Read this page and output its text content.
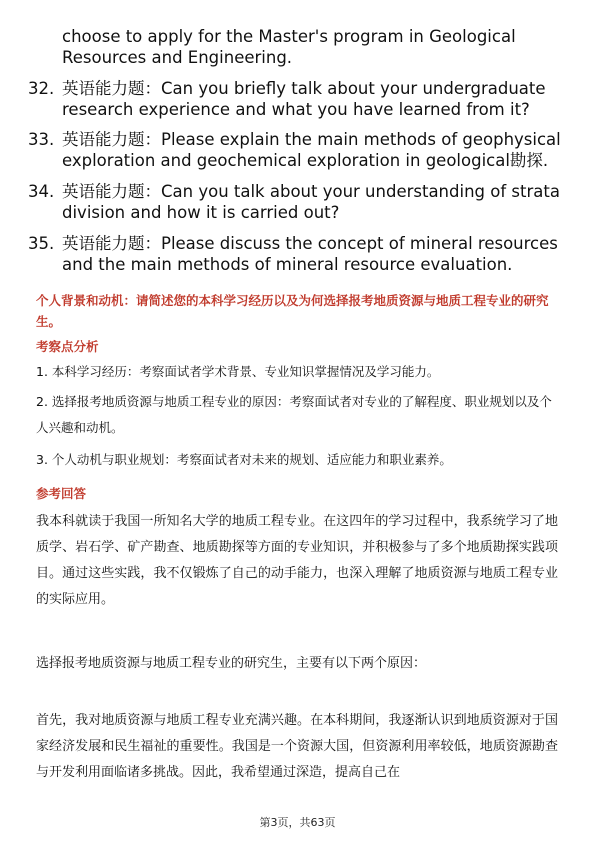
choose to apply for the Master's program in Geological Resources and Engineering.
32. 英语能力题：Can you briefly talk about your undergraduate research experience and what you have learned from it?
33. 英语能力题：Please explain the main methods of geophysical exploration and geochemical exploration in geological勘探.
34. 英语能力题：Can you talk about your understanding of strata division and how it is carried out?
35. 英语能力题：Please discuss the concept of mineral resources and the main methods of mineral resource evaluation.
个人背景和动机：请简述您的本科学习经历以及为何选择报考地质资源与地质工程专业的研究生。
考察点分析
1. 本科学习经历：考察面试者学术背景、专业知识掌握情况及学习能力。
2. 选择报考地质资源与地质工程专业的原因：考察面试者对专业的了解程度、职业规划以及个人兴趣和动机。
3. 个人动机与职业规划：考察面试者对未来的规划、适应能力和职业素养。
参考回答
我本科就读于我国一所知名大学的地质工程专业。在这四年的学习过程中，我系统学习了地质学、岩石学、矿产勘查、地质勘探等方面的专业知识，并积极参与了多个地质勘探实践项目。通过这些实践，我不仅锻炼了自己的动手能力，也深入理解了地质资源与地质工程专业的实际应用。
选择报考地质资源与地质工程专业的研究生，主要有以下两个原因：
首先，我对地质资源与地质工程专业充满兴趣。在本科期间，我逐渐认识到地质资源对于国家经济发展和民生福祉的重要性。我国是一个资源大国，但资源利用率较低，地质资源勘查与开发利用面临诸多挑战。因此，我希望通过深造，提高自己在
第3页，共63页
